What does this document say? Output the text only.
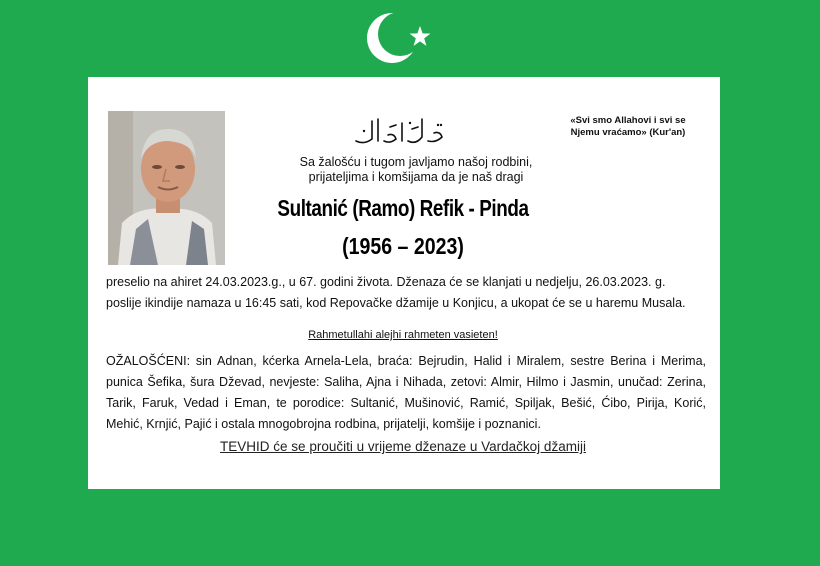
«Svi smo Allahovi i svi se Njemu vraćamo» (Kur'an)
Sa žalošću i tugom javljamo našoj rodbini,
prijateljima i komšijama da je naš dragi
Sultanić (Ramo) Refik - Pinda
(1956 – 2023)
preselio na ahiret 24.03.2023.g., u 67. godini života. Dženaza će se klanjati u nedjelju, 26.03.2023. g.
poslije ikindije namaza u 16:45 sati, kod Repovačke džamije u Konjicu, a ukopat će se u haremu Musala.
Rahmetullahi alejhi rahmeten vasieten!
OŽALOŠĆENI: sin Adnan, kćerka Arnela-Lela, braća: Bejrudin, Halid i Miralem, sestre Berina i Merima, punica Šefika, šura Dževad, nevjeste: Saliha, Ajna i Nihada, zetovi: Almir, Hilmo i Jasmin, unučad: Zerina, Tarik, Faruk, Vedad i Eman, te porodice: Sultanić, Mušinović, Ramić, Spiljak, Bešić, Ćibo, Pirija, Korić, Mehić, Krnjić, Pajić i ostala mnogobrojna rodbina, prijatelji, komšije i poznanici.
TEVHID će se proučiti u vrijeme dženaze u Vardačkoj džamiji
